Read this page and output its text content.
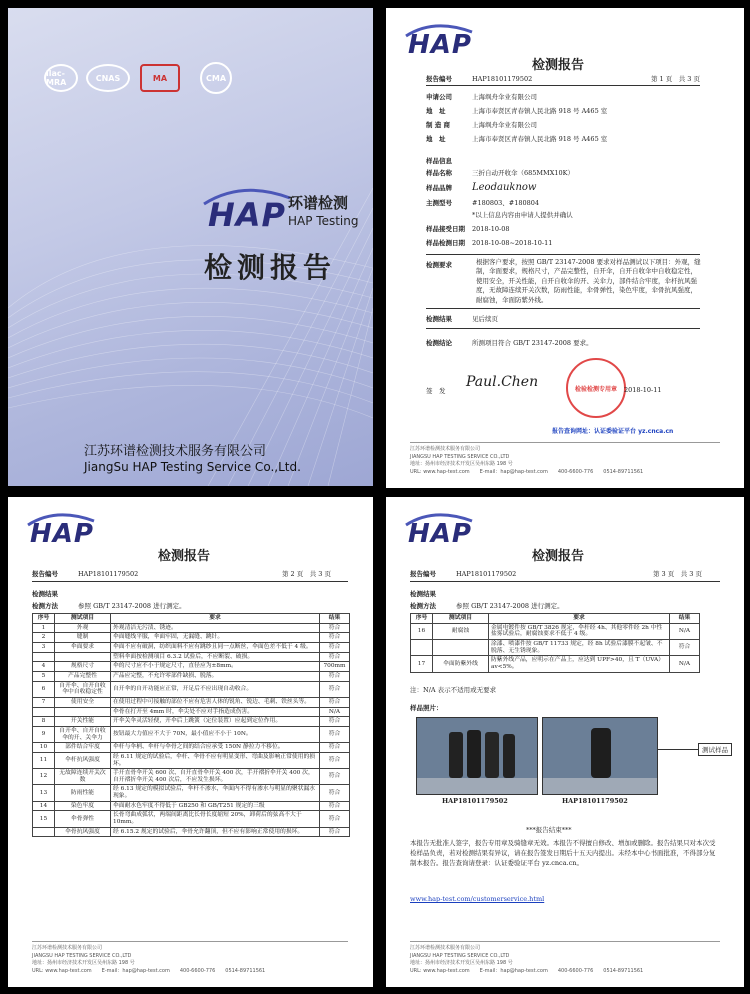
ilac-MRA	CNAS	MA	CMA
HAP 环谱检测
HAP Testing
检测报告
江苏环谱检测技术服务有限公司
JiangSu HAP Testing Service Co.,Ltd.
HAP
检测报告
报告编号	HAP18101179502	第 1 页　共 3 页
申请公司	上海飒舟伞业有限公司
地　址	上海市奉贤区青春镇人民北路 918 号 A465 室
制 造 商	上海飒舟伞业有限公司
地　址	上海市奉贤区青春镇人民北路 918 号 A465 室
样品信息
样品名称	三折自动开收伞（685MMX10K）
样品品牌 Leodauknow
主测型号	#180803、#180804
*以上信息内容由申请人提供并确认
样品接受日期 2018-10-08
样品检测日期 2018-10-08~2018-10-11
检测要求	根据客户要求，按照 GB/T 23147-2008 要求对样品测试以下项目：外观，缝制，伞面要求，规格尺寸，产品完整性，自开伞，自开自收伞中自收稳定性，使用安全，开关性能，自开自收伞的开、关伞力，部件结合牢度，伞杆抗风强度，无故障连续开关次数，防雨性能，伞骨弹性，染色牢度，伞骨抗风强度，耐腐蚀，伞面防紫外线。
检测结果	见后续页
检测结论	所测项目符合 GB/T 23147-2008 要求。
签　发
Paul.Chen	检验检测专用章 2018-10-11
报告查询网址：认证委验证平台 yz.cnca.cn
江苏环谱检测技术服务有限公司
JIANGSU HAP TESTING SERVICE CO.,LTD
地址：扬州市经济技术开发区吴州东路 198 号
URL: www.hap-test.com　　E-mail：hap@hap-test.com　　400-6600-776　　0514-89711561
HAP
检测报告
报告编号	HAP18101179502	第 2 页　共 3 页
检测结果
检测方法	参照 GB/T 23147-2008 进行测定。
序号	测试项目	要求	结果
1	外观	外观清洁无污渍、锈迹。	符合
2	缝制	伞面缝线平服，伞面牢固，无漏缝、跳针。	符合
3	伞面要求	伞面不应有破洞，纺织面料不应有跳纱且同一点断丝，伞面色差不低于 4 级。	符合
		塑料伞面按检测项目 6.3.2 试验后，不应断裂、破损。	符合
4	规格尺寸	伞的尺寸应不小于规定尺寸，直径应为±8mm。	700mm
5	产品完整性	产品应完整，不允许零部件缺损、脱落。	符合
6	自开伞、自开自收伞中自收稳定性	自开伞的自开功能应正常，开足后不应出现自动收合。	符合
7	使用安全	在使用过程中可接触的部位不应有危害人体的锐角、锐边、毛刺、铁丝头等。	符合
		伞骨在打开至 4mm 时，伞尖处不应对手指造成伤害。	N/A
8	开关性能	开伞关伞灵活轻便，开伞后上跳簧（定位装置）应起到定位作用。	符合
9	自开伞、自开自收伞的开、关伞力	按钮最大力值应不大于 70N，最小值应不小于 10N。	符合
10	部件结合牢度	伞杆与伞柄、伞杆与伞骨之间的结合应承受 150N 静拉力不移位。	符合
11	伞杆抗风强度	经 6.11 规定的试验后，伞杆、伞骨不应有明显变形、弯曲及影响正常使用的损坏。	符合
12	无故障连续开关次数	手开直骨伞开关 600 次、自开直骨伞开关 400 次，手开褶折伞开关 400 次，自开褶折伞开关 400 次后，不应发生损坏。	符合
13	防雨性能	经 6.13 规定的模拟试验后，伞杆不渗水，伞面内不得有渗水与明显的聚状漏水现象。	符合
14	染色牢度	伞面耐水色牢度不得低于 GB250 和 GB/T251 规定的三级	符合
15	伞骨弹性	长骨弯曲成弧状，两端间距离比长骨长度缩短 20%，卸荷后的弦高不大于 10mm。	符合
	伞骨抗风强度	经 6.15.2 规定的试验后，伞骨允许翻顶，但不应有影响正常使用的损坏。	符合
江苏环谱检测技术服务有限公司
JIANGSU HAP TESTING SERVICE CO.,LTD
地址：扬州市经济技术开发区吴州东路 198 号
URL: www.hap-test.com　　E-mail：hap@hap-test.com　　400-6600-776　　0514-89711561
HAP
检测报告
报告编号	HAP18101179502	第 3 页　共 3 页
检测结果
检测方法	参照 GB/T 23147-2008 进行测定。
序号	测试项目	要求	结果
16	耐腐蚀	金属电镀件按 GB/T 3826 规定，伞杆经 4h、其他零件经 2h 中性盐雾试验后，耐腐蚀要求不低于 4 级。	N/A
		涂漆、喷漆件按 GB/T 11733 规定，经 8h 试验后漆膜不起皱、不脱落、无生锈现象。	符合
17	伞面防紫外线	防紫外线产品，应明示在产品上，应达到 UPF>40，且 T（UVA）av<5%。	N/A
注：N/A 表示不适用或无要求
样品照片：
HAP18101179502	HAP18101179502
测试样品
***报告结束***
本报告无批准人签字，报告专用章及骑缝章无效。本报告不得擅自修改、增加或删除。报告结果只对本次受检样品负责，若对检测结果有异议，请在报告签发日期后十五天内提出。未经本中心书面批准，不得部分复制本报告。报告查询请登录：认证委验证平台 yz.cnca.cn。
www.hap-test.com/customerservice.html
江苏环谱检测技术服务有限公司
JIANGSU HAP TESTING SERVICE CO.,LTD
地址：扬州市经济技术开发区吴州东路 198 号
URL: www.hap-test.com　　E-mail：hap@hap-test.com　　400-6600-776　　0514-89711561
